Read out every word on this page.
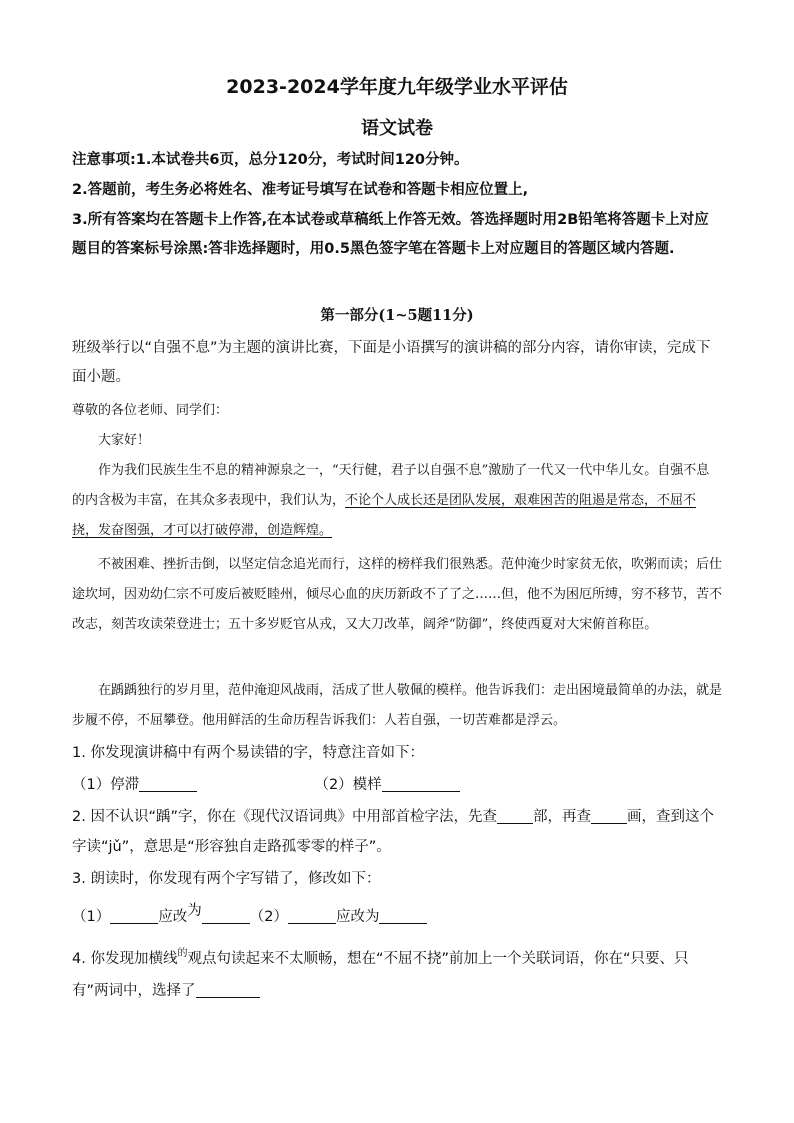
2023-2024学年度九年级学业水平评估
语文试卷
注意事项:1.本试卷共6页，总分120分，考试时间120分钟。
2.答题前，考生务必将姓名、准考证号填写在试卷和答题卡相应位置上,
3.所有答案均在答题卡上作答,在本试卷或草稿纸上作答无效。答选择题时用2B铅笔将答题卡上对应题目的答案标号涂黑:答非选择题时，用0.5黑色签字笔在答题卡上对应题目的答题区域内答题.
第一部分(1~5题11分)
班级举行以“自强不息”为主题的演讲比赛，下面是小语撰写的演讲稿的部分内容，请你审读，完成下面小题。
尊敬的各位老师、同学们：
大家好！
作为我们民族生生不息的精神源泉之一，“天行健，君子以自强不息”激励了一代又一代中华儿女。自强不息的内含极为丰富，在其众多表现中，我们认为，不论个人成长还是团队发展，艰难困苦的阻遏是常态，不屈不挠，发奋图强，才可以打破停滞，创造辉煌。
不被困难、挫折击倒，以坚定信念追光而行，这样的榜样我们很熟悉。范仲淹少时家贫无依，吹粥而读；后仕途坎坷，因劝幼仁宗不可废后被贬睦州，倾尽心血的庆历新政不了了之……但，他不为困厄所缚，穷不移节，苦不改志，刻苦攻读荣登进士；五十多岁贬官从戎，又大刀改革，阔斧“防御”，终使西夏对大宋俯首称臣。
在踽踽独行的岁月里，范仲淹迎风战雨，活成了世人敬佩的模样。他告诉我们：走出困境最简单的办法，就是步履不停，不屈攀登。他用鲜活的生命历程告诉我们：人若自强，一切苦难都是浮云。
1. 你发现演讲稿中有两个易读错的字，特意注音如下：
（1）停滞	（2）模样
2. 因不认识“踽”字，你在《现代汉语词典》中用部首检字法，先查 部，再查 画，查到这个字读“jǔ”，意思是“形容独自走路孤零零的样子”。
3. 朗读时，你发现有两个字写错了，修改如下：
（1）	应改为	（2）	应改为
4. 你发现加横线$^的$观点句读起来不太顺畅，想在“不屈不挠”前加上一个关联词语，你在“只要、只有”两词中，选择了
